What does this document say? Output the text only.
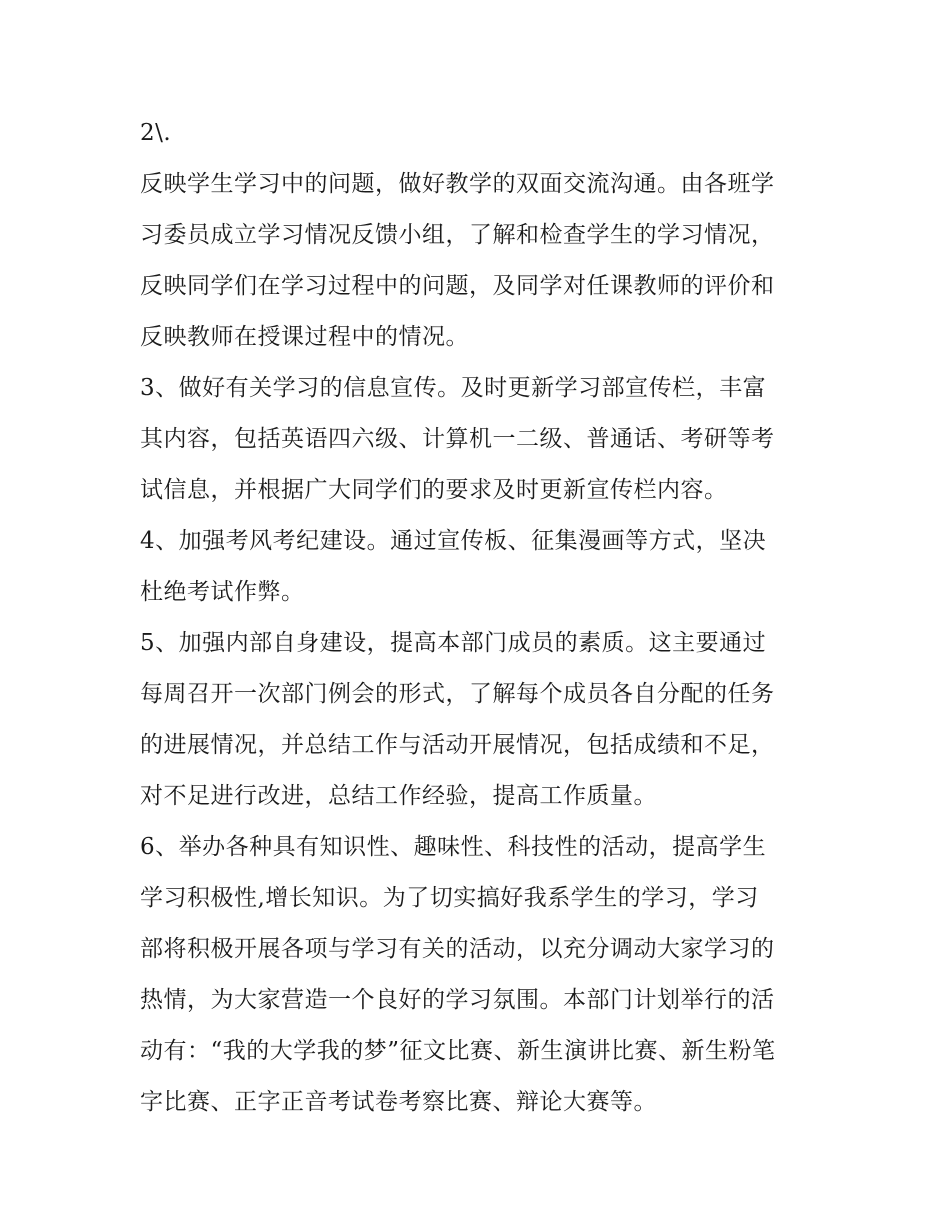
2\.
反映学生学习中的问题，做好教学的双面交流沟通。由各班学
习委员成立学习情况反馈小组，了解和检查学生的学习情况，
反映同学们在学习过程中的问题，及同学对任课教师的评价和
反映教师在授课过程中的情况。
3、做好有关学习的信息宣传。及时更新学习部宣传栏，丰富
其内容，包括英语四六级、计算机一二级、普通话、考研等考
试信息，并根据广大同学们的要求及时更新宣传栏内容。
4、加强考风考纪建设。通过宣传板、征集漫画等方式，坚决
杜绝考试作弊。
5、加强内部自身建设，提高本部门成员的素质。这主要通过
每周召开一次部门例会的形式，了解每个成员各自分配的任务
的进展情况，并总结工作与活动开展情况，包括成绩和不足，
对不足进行改进，总结工作经验，提高工作质量。
6、举办各种具有知识性、趣味性、科技性的活动，提高学生
学习积极性,增长知识。为了切实搞好我系学生的学习，学习
部将积极开展各项与学习有关的活动，以充分调动大家学习的
热情，为大家营造一个良好的学习氛围。本部门计划举行的活
动有：“我的大学我的梦”征文比赛、新生演讲比赛、新生粉笔
字比赛、正字正音考试卷考察比赛、辩论大赛等。
